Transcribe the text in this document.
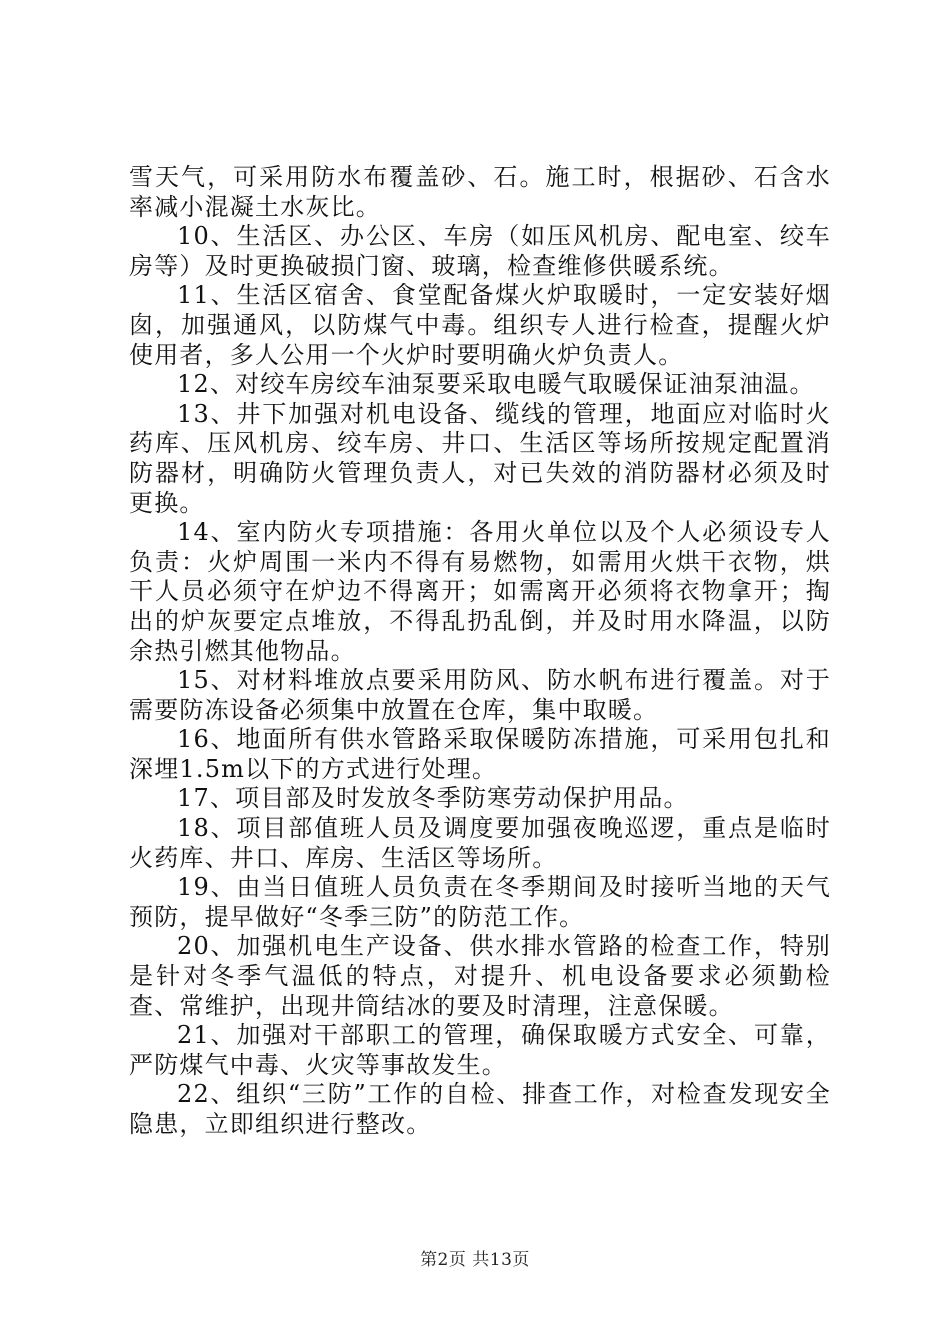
雪天气，可采用防水布覆盖砂、石。施工时，根据砂、石含水率减小混凝土水灰比。

10、生活区、办公区、车房（如压风机房、配电室、绞车房等）及时更换破损门窗、玻璃，检查维修供暖系统。

11、生活区宿舍、食堂配备煤火炉取暖时，一定安装好烟囱，加强通风，以防煤气中毒。组织专人进行检查，提醒火炉使用者，多人公用一个火炉时要明确火炉负责人。

12、对绞车房绞车油泵要采取电暖气取暖保证油泵油温。

13、井下加强对机电设备、缆线的管理，地面应对临时火药库、压风机房、绞车房、井口、生活区等场所按规定配置消防器材，明确防火管理负责人，对已失效的消防器材必须及时更换。

14、室内防火专项措施：各用火单位以及个人必须设专人负责：火炉周围一米内不得有易燃物，如需用火烘干衣物，烘干人员必须守在炉边不得离开；如需离开必须将衣物拿开；掏出的炉灰要定点堆放，不得乱扔乱倒，并及时用水降温，以防余热引燃其他物品。

15、对材料堆放点要采用防风、防水帆布进行覆盖。对于需要防冻设备必须集中放置在仓库，集中取暖。

16、地面所有供水管路采取保暖防冻措施，可采用包扎和深埋1.5m以下的方式进行处理。

17、项目部及时发放冬季防寒劳动保护用品。

18、项目部值班人员及调度要加强夜晚巡逻，重点是临时火药库、井口、库房、生活区等场所。

19、由当日值班人员负责在冬季期间及时接听当地的天气预防，提早做好“冬季三防”的防范工作。

20、加强机电生产设备、供水排水管路的检查工作，特别是针对冬季气温低的特点，对提升、机电设备要求必须勤检查、常维护，出现井筒结冰的要及时清理，注意保暖。

21、加强对干部职工的管理，确保取暖方式安全、可靠，严防煤气中毒、火灾等事故发生。

22、组织“三防”工作的自检、排查工作，对检查发现安全隐患，立即组织进行整改。

第2页 共13页
